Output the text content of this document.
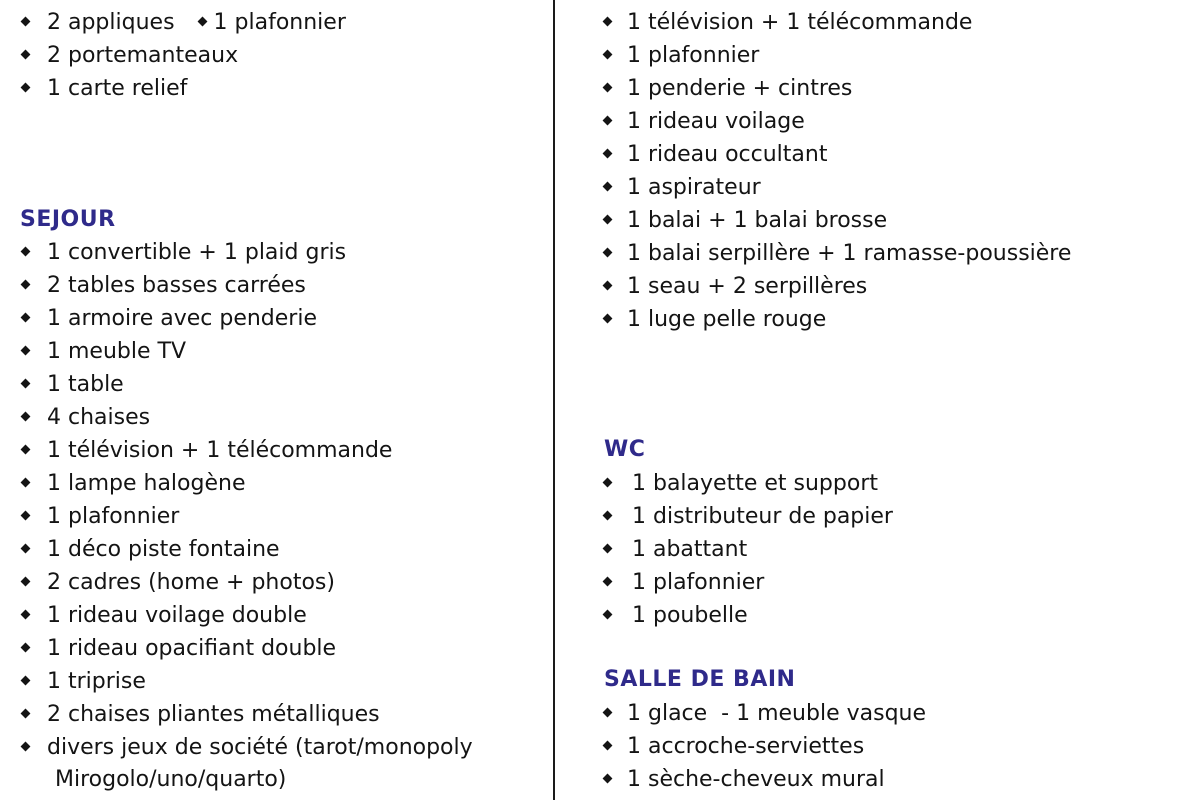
2 appliques 1 plafonnier
2 portemanteaux
1 carte relief
SEJOUR
1 convertible + 1 plaid gris
2 tables basses carrées
1 armoire avec penderie
1 meuble TV
1 table
4 chaises
1 télévision + 1 télécommande
1 lampe halogène
1 plafonnier
1 déco piste fontaine
2 cadres (home + photos)
1 rideau voilage double
1 rideau opacifiant double
1 triprise
2 chaises pliantes métalliques
divers jeux de société (tarot/monopoly
Mirogolo/uno/quarto)
1 télévision + 1 télécommande
1 plafonnier
1 penderie + cintres
1 rideau voilage
1 rideau occultant
1 aspirateur
1 balai + 1 balai brosse
1 balai serpillère + 1 ramasse-poussière
1 seau + 2 serpillères
1 luge pelle rouge
WC
1 balayette et support
1 distributeur de papier
1 abattant
1 plafonnier
1 poubelle
SALLE DE BAIN
1 glace  - 1 meuble vasque
1 accroche-serviettes
1 sèche-cheveux mural
